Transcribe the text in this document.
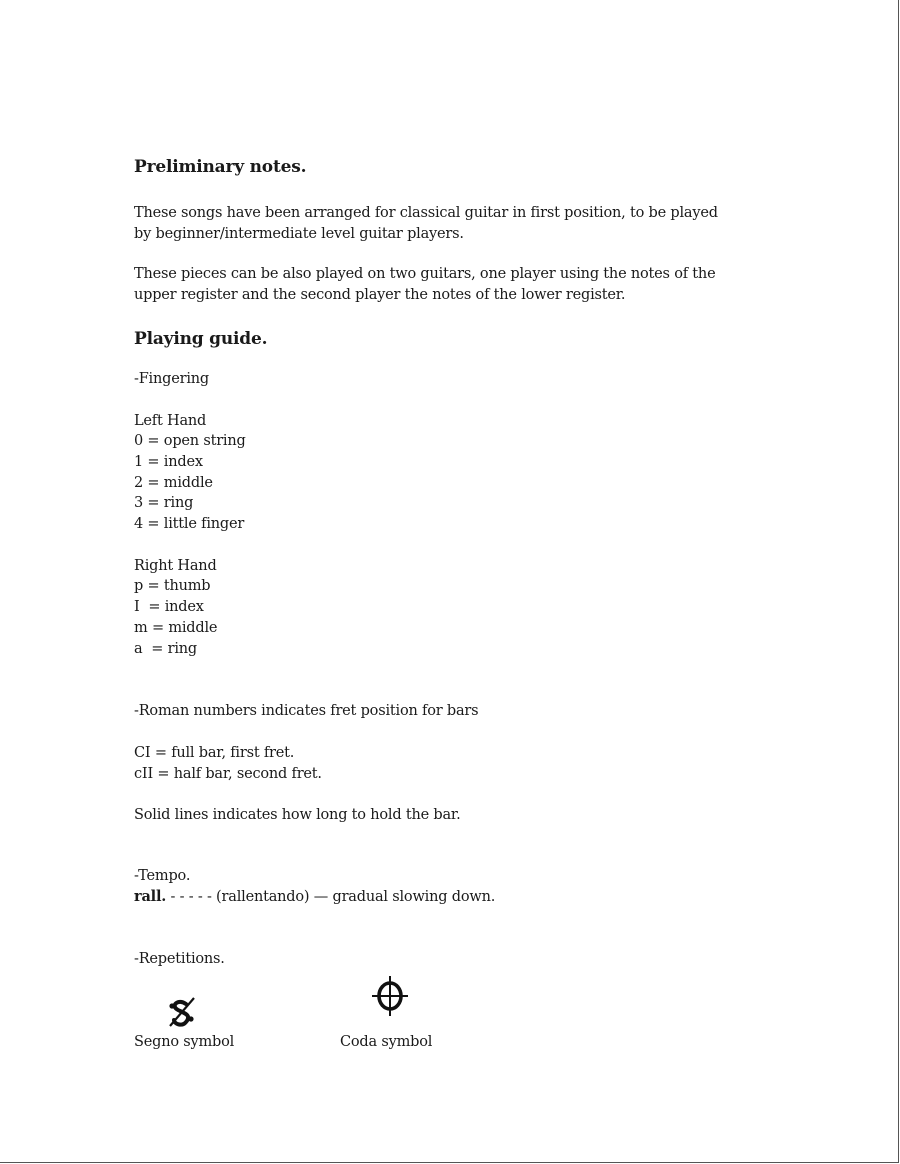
Preliminary notes.

These songs have been arranged for classical guitar in first position, to be played
by beginner/intermediate level guitar players.

These pieces can be also played on two guitars, one player using the notes of the
upper register and the second player the notes of the lower register.

Playing guide.
-Fingering
Left Hand
0 = open string
1 = index
2 = middle
3 = ring
4 = little finger
Right Hand
p = thumb
I  = index
m = middle
a  = ring
-Roman numbers indicates fret position for bars
CI = full bar, first fret.
cII = half bar, second fret.
Solid lines indicates how long to hold the bar.
-Tempo.
rall. - - - - - (rallentando) — gradual slowing down.
-Repetitions.
Segno symbol	Coda symbol
